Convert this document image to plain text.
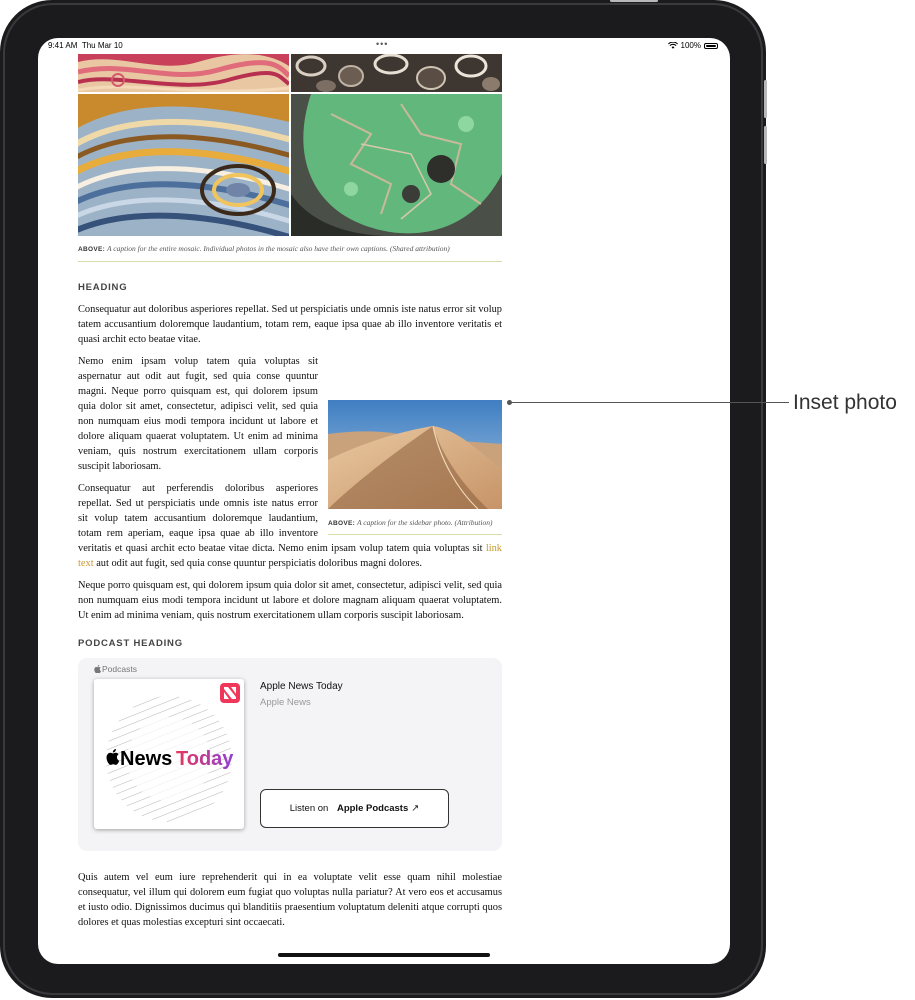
9:41 AM Thu Mar 10	•••	100%
ABOVE: A caption for the entire mosaic. Individual photos in the mosaic also have their own captions. (Shared attribution)
HEADING

Consequatur aut doloribus asperiores repellat. Sed ut perspiciatis unde omnis iste natus error sit volup tatem accusantium doloremque laudantium, totam rem, eaque ipsa quae ab illo inventore veritatis et quasi archit ecto beatae vitae.

ABOVE: A caption for the sidebar photo. (Attribution)

Nemo enim ipsam volup tatem quia voluptas sit aspernatur aut odit aut fugit, sed quia conse quuntur magni. Neque porro quisquam est, qui dolorem ipsum quia dolor sit amet, consectetur, adipisci velit, sed quia non numquam eius modi tempora incidunt ut labore et dolore aliquam quaerat voluptatem. Ut enim ad minima veniam, quis nostrum exercitationem ullam corporis suscipit laboriosam.

Consequatur aut perferendis doloribus asperiores repellat. Sed ut perspiciatis unde omnis iste natus error sit volup tatem accusantium doloremque laudantium, totam rem aperiam, eaque ipsa quae ab illo inventore veritatis et quasi archit ecto beatae vitae dicta. Nemo enim ipsam volup tatem quia voluptas sit link text aut odit aut fugit, sed quia conse quuntur perspiciatis doloribus magni dolores.

Neque porro quisquam est, qui dolorem ipsum quia dolor sit amet, consectetur, adipisci velit, sed quia non numquam eius modi tempora incidunt ut labore et dolore magnam aliquam quaerat voluptatem. Ut enim ad minima veniam, quis nostrum exercitationem ullam corporis suscipit laboriosam.

PODCAST HEADING
Podcasts
News Today
Apple News Today
Apple News
Listen on
Apple Podcasts ↗

Quis autem vel eum iure reprehenderit qui in ea voluptate velit esse quam nihil molestiae consequatur, vel illum qui dolorem eum fugiat quo voluptas nulla pariatur? At vero eos et accusamus et iusto odio. Dignissimos ducimus qui blanditiis praesentium voluptatum deleniti atque corrupti quos dolores et quas molestias excepturi sint occaecati.

Inset photo
